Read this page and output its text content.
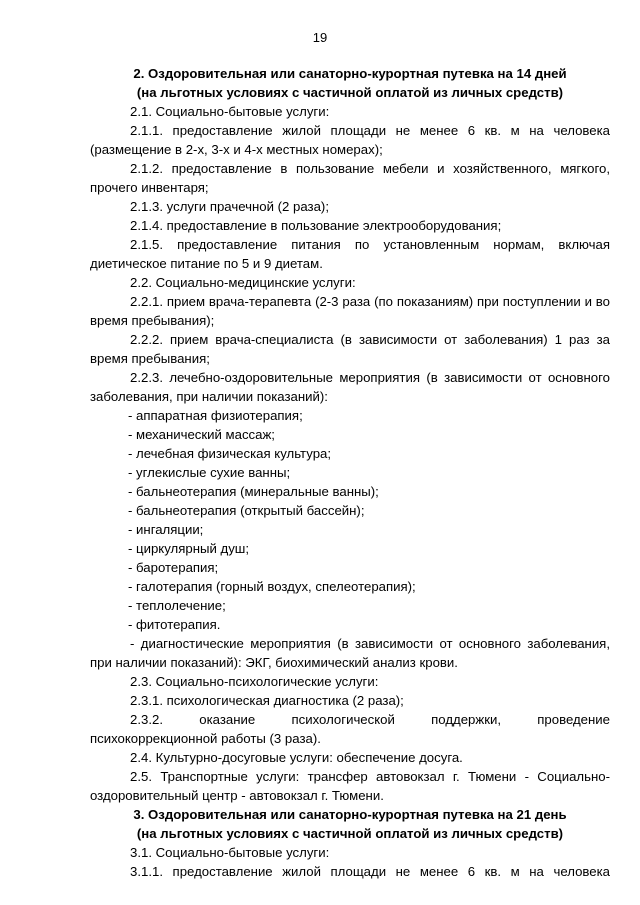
19
2. Оздоровительная или санаторно-курортная путевка на 14 дней
(на льготных условиях с частичной оплатой из личных средств)

2.1. Социально-бытовые услуги:

2.1.1. предоставление жилой площади не менее 6 кв. м на человека (размещение в 2-х, 3-х и 4-х местных номерах);

2.1.2. предоставление в пользование мебели и хозяйственного, мягкого, прочего инвентаря;

2.1.3. услуги прачечной (2 раза);

2.1.4. предоставление в пользование электрооборудования;

2.1.5. предоставление питания по установленным нормам, включая диетическое питание по 5 и 9 диетам.

2.2. Социально-медицинские услуги:

2.2.1. прием врача-терапевта (2-3 раза (по показаниям) при поступлении и во время пребывания);

2.2.2. прием врача-специалиста (в зависимости от заболевания) 1 раз за время пребывания;

2.2.3. лечебно-оздоровительные мероприятия (в зависимости от основного заболевания, при наличии показаний):

- аппаратная физиотерапия;

- механический массаж;

- лечебная физическая культура;

- углекислые сухие ванны;

- бальнеотерапия (минеральные ванны);

- бальнеотерапия (открытый бассейн);

- ингаляции;

- циркулярный душ;

- баротерапия;

- галотерапия (горный воздух, спелеотерапия);

- теплолечение;

- фитотерапия.

- диагностические мероприятия (в зависимости от основного заболевания, при наличии показаний): ЭКГ, биохимический анализ крови.

2.3. Социально-психологические услуги:

2.3.1. психологическая диагностика (2 раза);

2.3.2. оказание психологической поддержки, проведение психокоррекционной работы (3 раза).

2.4. Культурно-досуговые услуги: обеспечение досуга.

2.5. Транспортные услуги: трансфер автовокзал г. Тюмени - Социально-оздоровительный центр - автовокзал г. Тюмени.

3. Оздоровительная или санаторно-курортная путевка на 21 день
(на льготных условиях с частичной оплатой из личных средств)

3.1. Социально-бытовые услуги:

3.1.1. предоставление жилой площади не менее 6 кв. м на человека
